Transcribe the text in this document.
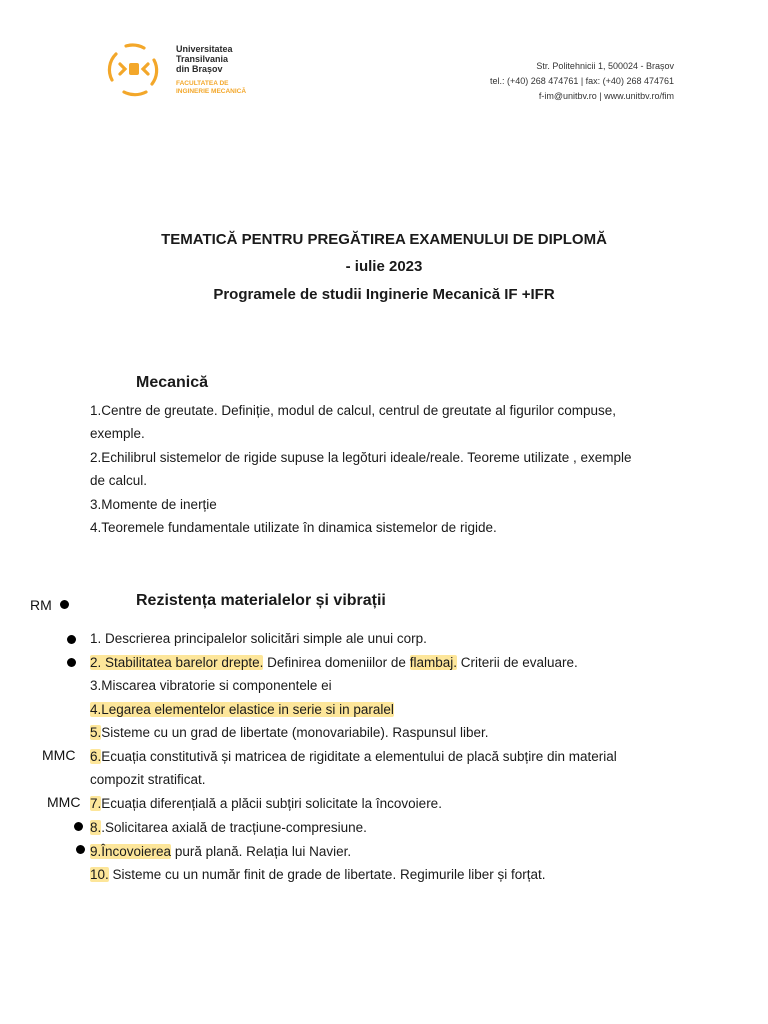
Universitatea
Transilvania
din Brașov
FACULTATEA DE
INGINERIE MECANICĂ
Str. Politehnicii 1, 500024 - Brașov
tel.: (+40) 268 474761 | fax: (+40) 268 474761
f-im@unitbv.ro | www.unitbv.ro/fim
TEMATICĂ PENTRU PREGĂTIREA EXAMENULUI DE DIPLOMĂ
- iulie 2023
Programele de studii Inginerie Mecanică IF +IFR
Mecanică
1.Centre de greutate. Definiție, modul de calcul, centrul de greutate al figurilor compuse,
exemple.
2.Echilibrul sistemelor de rigide supuse la legŏturi ideale/reale. Teoreme utilizate , exemple
de calcul.
3.Momente de inerție
4.Teoremele fundamentale utilizate în dinamica sistemelor de rigide.
RM	Rezistența materialelor și vibrații
1. Descrierea principalelor solicitări simple ale unui corp.
2. Stabilitatea barelor drepte. Definirea domeniilor de flambaj. Criterii de evaluare.
3.Miscarea vibratorie si componentele ei
4.Legarea elementelor elastice in serie si in paralel
5.Sisteme cu un grad de libertate (monovariabile). Raspunsul liber.
MMC 6.Ecuația constitutivă și matricea de rigiditate a elementului de placă subțire din material
compozit stratificat.
MMC 7.Ecuația diferențială a plăcii subțiri solicitate la încovoiere.
8..Solicitarea axială de tracțiune-compresiune.
9.Încovoierea pură plană. Relația lui Navier.
10. Sisteme cu un număr finit de grade de libertate. Regimurile liber și forțat.
